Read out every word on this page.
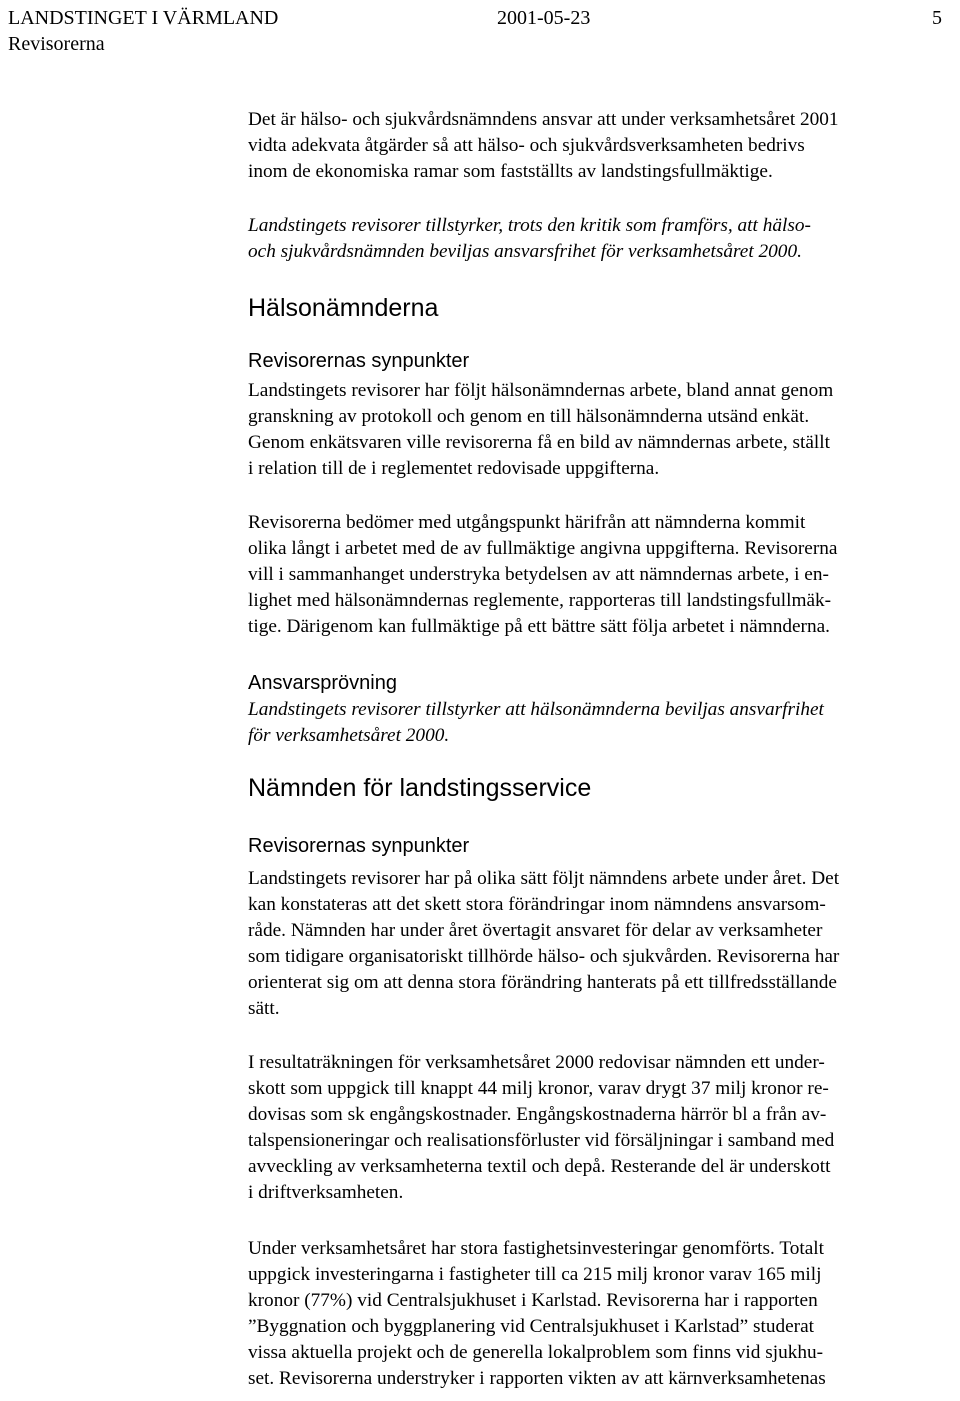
LANDSTINGET I VÄRMLAND	2001-05-23	5
Revisorerna
Det är hälso- och sjukvårdsnämndens ansvar att under verksamhetsåret 2001
vidta adekvata åtgärder så att hälso- och sjukvårdsverksamheten bedrivs
inom de ekonomiska ramar som fastställts av landstingsfullmäktige.
Landstingets revisorer tillstyrker, trots den kritik som framförs, att hälso-
och sjukvårdsnämnden beviljas ansvarsfrihet för verksamhetsåret 2000.
Hälsonämnderna
Revisorernas synpunkter
Landstingets revisorer har följt hälsonämndernas arbete, bland annat genom
granskning av protokoll och genom en till hälsonämnderna utsänd enkät.
Genom enkätsvaren ville revisorerna få en bild av nämndernas arbete, ställt
i relation till de i reglementet redovisade uppgifterna.
Revisorerna bedömer med utgångspunkt härifrån att nämnderna kommit
olika långt i arbetet med de av fullmäktige angivna uppgifterna. Revisorerna
vill i sammanhanget understryka betydelsen av att nämndernas arbete, i en-
lighet med hälsonämndernas reglemente, rapporteras till landstingsfullmäk-
tige. Därigenom kan fullmäktige på ett bättre sätt följa arbetet i nämnderna.
Ansvarsprövning
Landstingets revisorer tillstyrker att hälsonämnderna beviljas ansvarfrihet
för verksamhetsåret 2000.
Nämnden för landstingsservice
Revisorernas synpunkter
Landstingets revisorer har på olika sätt följt nämndens arbete under året. Det
kan konstateras att det skett stora förändringar inom nämndens ansvarsom-
råde. Nämnden har under året övertagit ansvaret för delar av verksamheter
som tidigare organisatoriskt tillhörde hälso- och sjukvården. Revisorerna har
orienterat sig om att denna stora förändring hanterats på ett tillfredsställande
sätt.
I resultaträkningen för verksamhetsåret 2000 redovisar nämnden ett under-
skott som uppgick till knappt 44 milj kronor, varav drygt 37 milj kronor re-
dovisas som sk engångskostnader. Engångskostnaderna härrör bl a från av-
talspensioneringar och realisationsförluster vid försäljningar i samband med
avveckling av verksamheterna textil och depå. Resterande del är underskott
i driftverksamheten.
Under verksamhetsåret har stora fastighetsinvesteringar genomförts. Totalt
uppgick investeringarna i fastigheter till ca 215 milj kronor varav 165 milj
kronor (77%) vid Centralsjukhuset i Karlstad. Revisorerna har i rapporten
”Byggnation och byggplanering vid Centralsjukhuset i Karlstad” studerat
vissa aktuella projekt och de generella lokalproblem som finns vid sjukhu-
set. Revisorerna understryker i rapporten vikten av att kärnverksamhetenas
